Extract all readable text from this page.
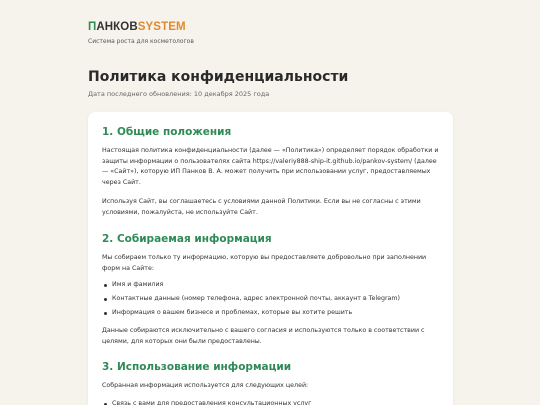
ПАНКОВSYSTEM
Система роста для косметологов
Политика конфиденциальности
Дата последнего обновления: 10 декабря 2025 года
1. Общие положения
Настоящая политика конфиденциальности (далее — «Политика») определяет порядок обработки и защиты информации о пользователях сайта https://valeriy888-ship-it.github.io/pankov-system/ (далее — «Сайт»), которую ИП Панков В. А. может получить при использовании услуг, предоставляемых через Сайт.
Используя Сайт, вы соглашаетесь с условиями данной Политики. Если вы не согласны с этими условиями, пожалуйста, не используйте Сайт.
2. Собираемая информация
Мы собираем только ту информацию, которую вы предоставляете добровольно при заполнении форм на Сайте:
Имя и фамилия
Контактные данные (номер телефона, адрес электронной почты, аккаунт в Telegram)
Информация о вашем бизнесе и проблемах, которые вы хотите решить
Данные собираются исключительно с вашего согласия и используются только в соответствии с целями, для которых они были предоставлены.
3. Использование информации
Собранная информация используется для следующих целей:
Связь с вами для предоставления консультационных услуг
